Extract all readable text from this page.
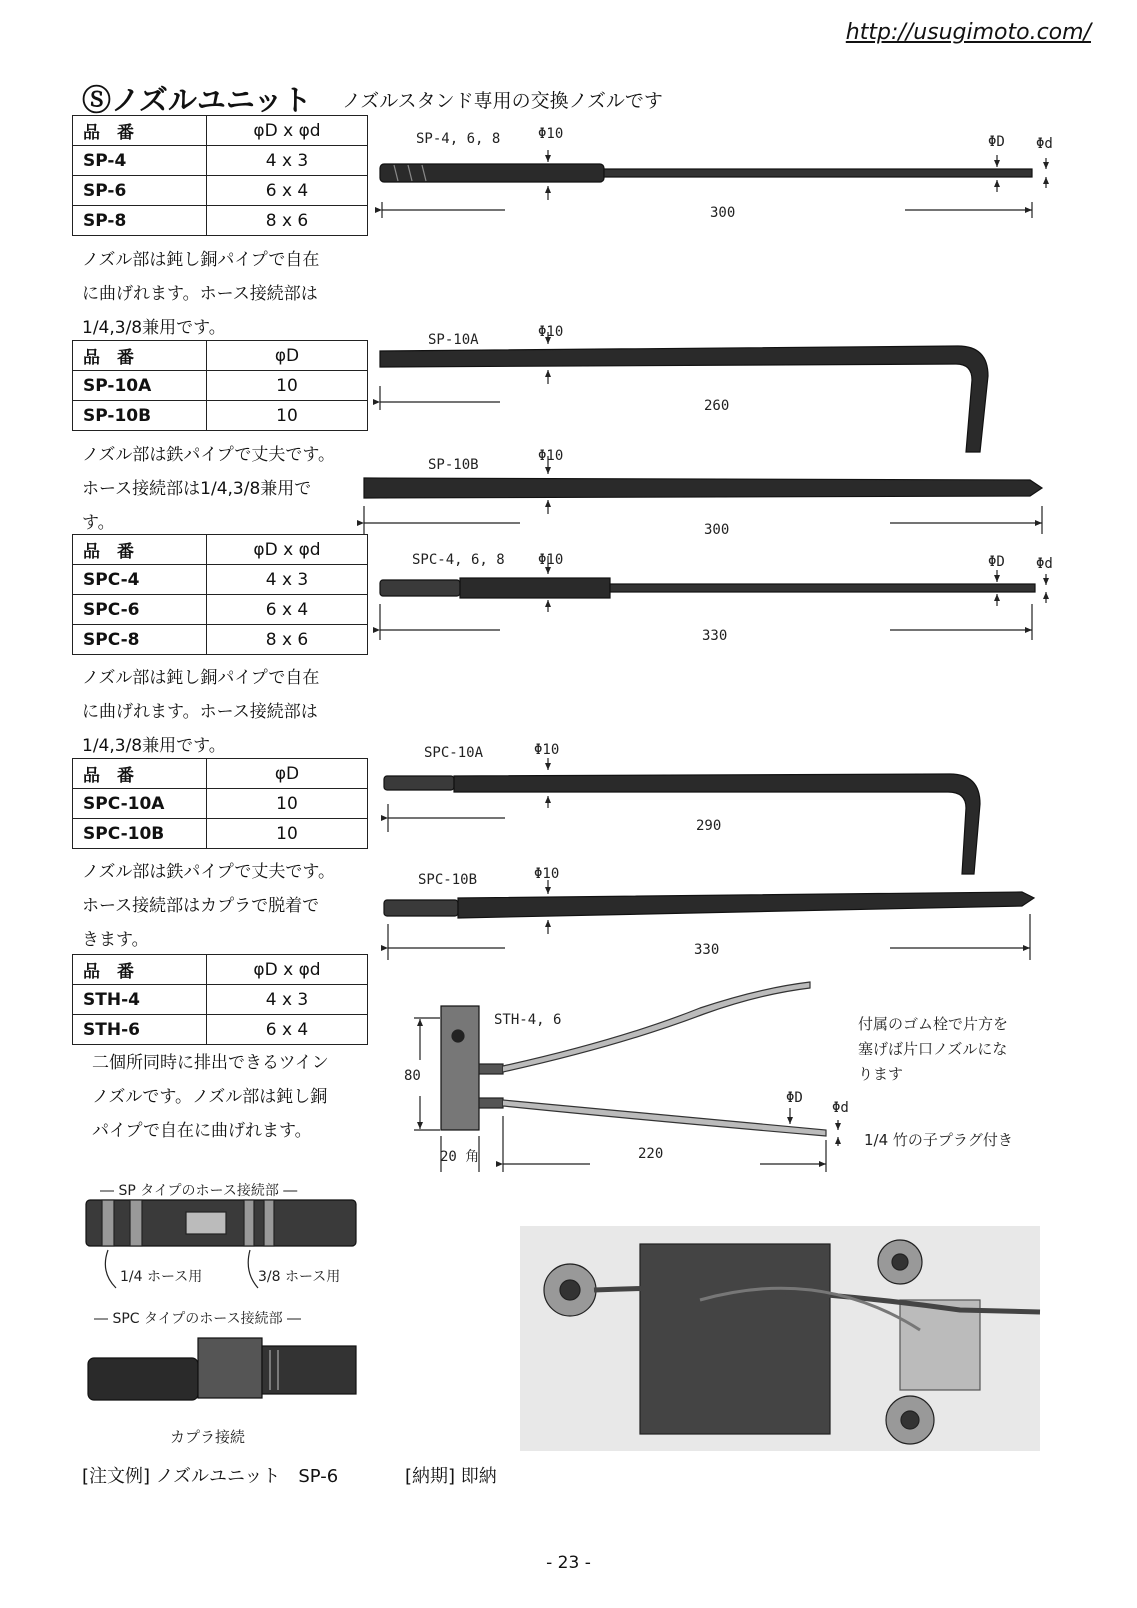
http://usugimoto.com/
Ⓢノズルユニット ノズルスタンド専用の交換ノズルです
品　番	φD x φd
SP-4	4 x 3
SP-6	6 x 4
SP-8	8 x 6
ノズル部は鈍し銅パイプで自在
に曲げれます。ホース接続部は
1/4,3/8兼用です。
品　番	φD
SP-10A	10
SP-10B	10
ノズル部は鉄パイプで丈夫です。
ホース接続部は1/4,3/8兼用で
す。
品　番	φD x φd
SPC-4	4 x 3
SPC-6	6 x 4
SPC-8	8 x 6
ノズル部は鈍し銅パイプで自在
に曲げれます。ホース接続部は
1/4,3/8兼用です。
品　番	φD
SPC-10A	10
SPC-10B	10
ノズル部は鉄パイプで丈夫です。
ホース接続部はカプラで脱着で
きます。
品　番	φD x φd
STH-4	4 x 3
STH-6	6 x 4
二個所同時に排出できるツイン
ノズルです。ノズル部は鈍し銅
パイプで自在に曲げれます。
SP-4, 6, 8	Φ10	ΦD Φd
300
SP-10A	Φ10
260
SP-10B
Φ10
300
SPC-4, 6, 8 Φ10	ΦD Φd
330
SPC-10A	Φ10
290
SPC-10B	Φ10
330
STH-4, 6
80
20 角	220
ΦD
Φd
付属のゴム栓で片方を
塞げば片口ノズルにな
ります
1/4 竹の子プラグ付き
― SP タイプのホース接続部 ―
1/4 ホース用	3/8 ホース用
― SPC タイプのホース接続部 ―
カプラ接続
[注文例] ノズルユニット　SP-6	[納期] 即納
- 23 -
